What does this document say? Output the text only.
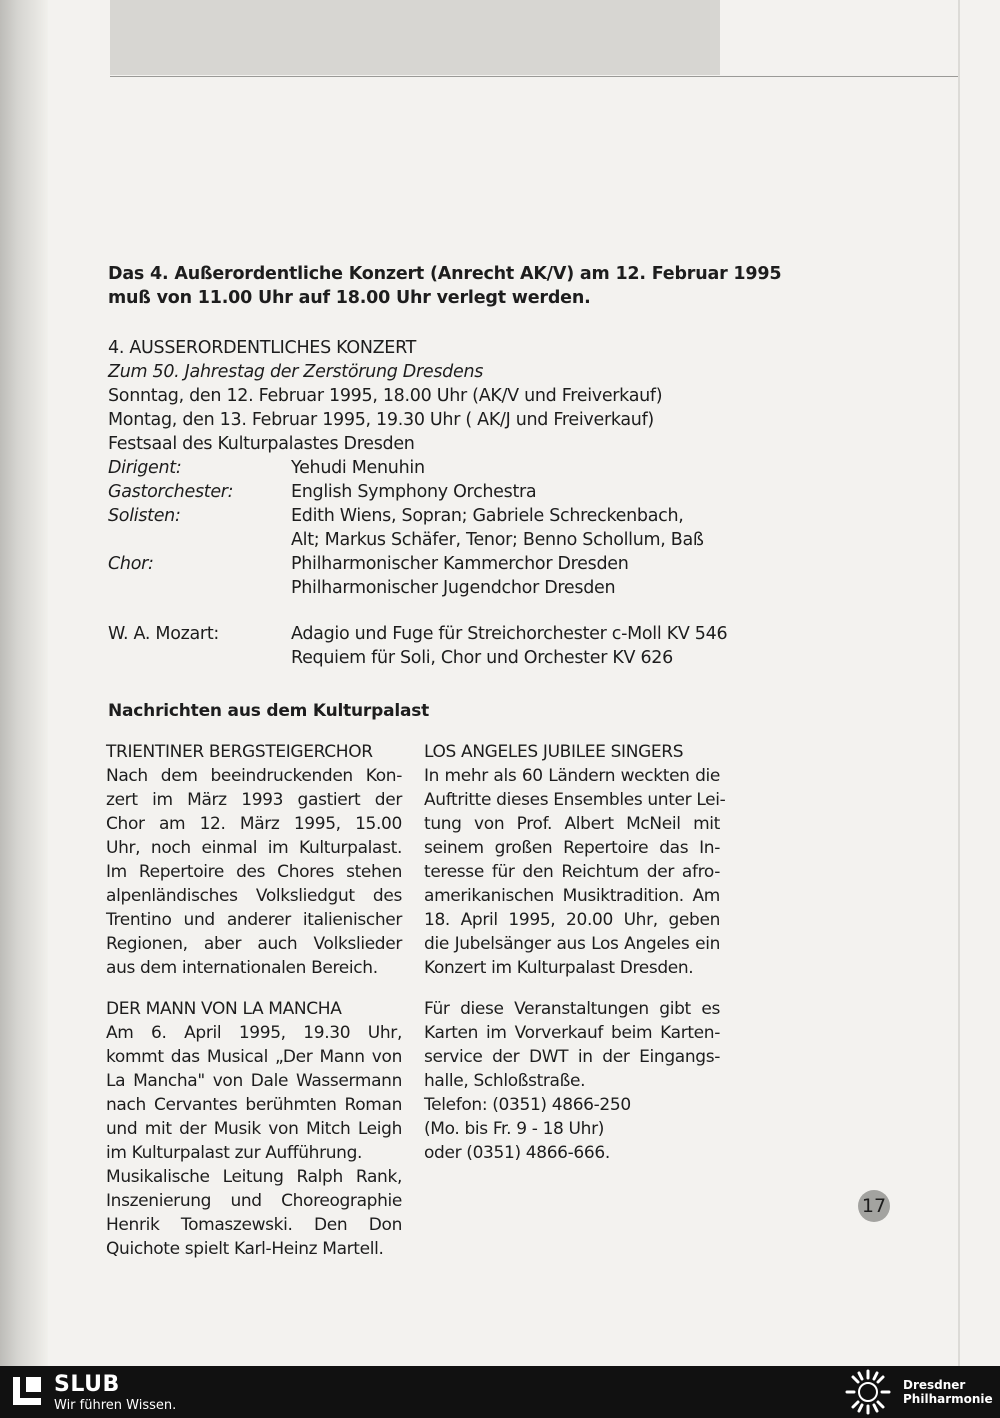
Das 4. Außerordentliche Konzert (Anrecht AK/V) am 12. Februar 1995
muß von 11.00 Uhr auf 18.00 Uhr verlegt werden.
4. AUSSERORDENTLICHES KONZERT
Zum 50. Jahrestag der Zerstörung Dresdens
Sonntag, den 12. Februar 1995, 18.00 Uhr (AK/V und Freiverkauf)
Montag, den 13. Februar 1995, 19.30 Uhr ( AK/J und Freiverkauf)
Festsaal des Kulturpalastes Dresden
Dirigent:	Yehudi Menuhin
Gastorchester:	English Symphony Orchestra
Solisten:	Edith Wiens, Sopran; Gabriele Schreckenbach,
Alt; Markus Schäfer, Tenor; Benno Schollum, Baß
Chor:	Philharmonischer Kammerchor Dresden
Philharmonischer Jugendchor Dresden
W. A. Mozart:	Adagio und Fuge für Streichorchester c-Moll KV 546
Requiem für Soli, Chor und Orchester KV 626
Nachrichten aus dem Kulturpalast
TRIENTINER BERGSTEIGERCHOR
Nach dem beeindruckenden Kon-
zert im März 1993 gastiert der
Chor am 12. März 1995, 15.00
Uhr, noch einmal im Kulturpalast.
Im Repertoire des Chores stehen
alpenländisches Volksliedgut des
Trentino und anderer italienischer
Regionen, aber auch Volkslieder
aus dem internationalen Bereich.
DER MANN VON LA MANCHA
Am 6. April 1995, 19.30 Uhr,
kommt das Musical „Der Mann von
La Mancha" von Dale Wassermann
nach Cervantes berühmten Roman
und mit der Musik von Mitch Leigh
im Kulturpalast zur Aufführung.
Musikalische Leitung Ralph Rank,
Inszenierung und Choreographie
Henrik Tomaszewski. Den Don
Quichote spielt Karl-Heinz Martell.
LOS ANGELES JUBILEE SINGERS
In mehr als 60 Ländern weckten die
Auftritte dieses Ensembles unter Lei-
tung von Prof. Albert McNeil mit
seinem großen Repertoire das In-
teresse für den Reichtum der afro-
amerikanischen Musiktradition. Am
18. April 1995, 20.00 Uhr, geben
die Jubelsänger aus Los Angeles ein
Konzert im Kulturpalast Dresden.
Für diese Veranstaltungen gibt es
Karten im Vorverkauf beim Karten-
service der DWT in der Eingangs-
halle, Schloßstraße.
Telefon: (0351) 4866-250
(Mo. bis Fr. 9 - 18 Uhr)
oder (0351) 4866-666.
17
SLUB
Wir führen Wissen.
Dresdner
Philharmonie
